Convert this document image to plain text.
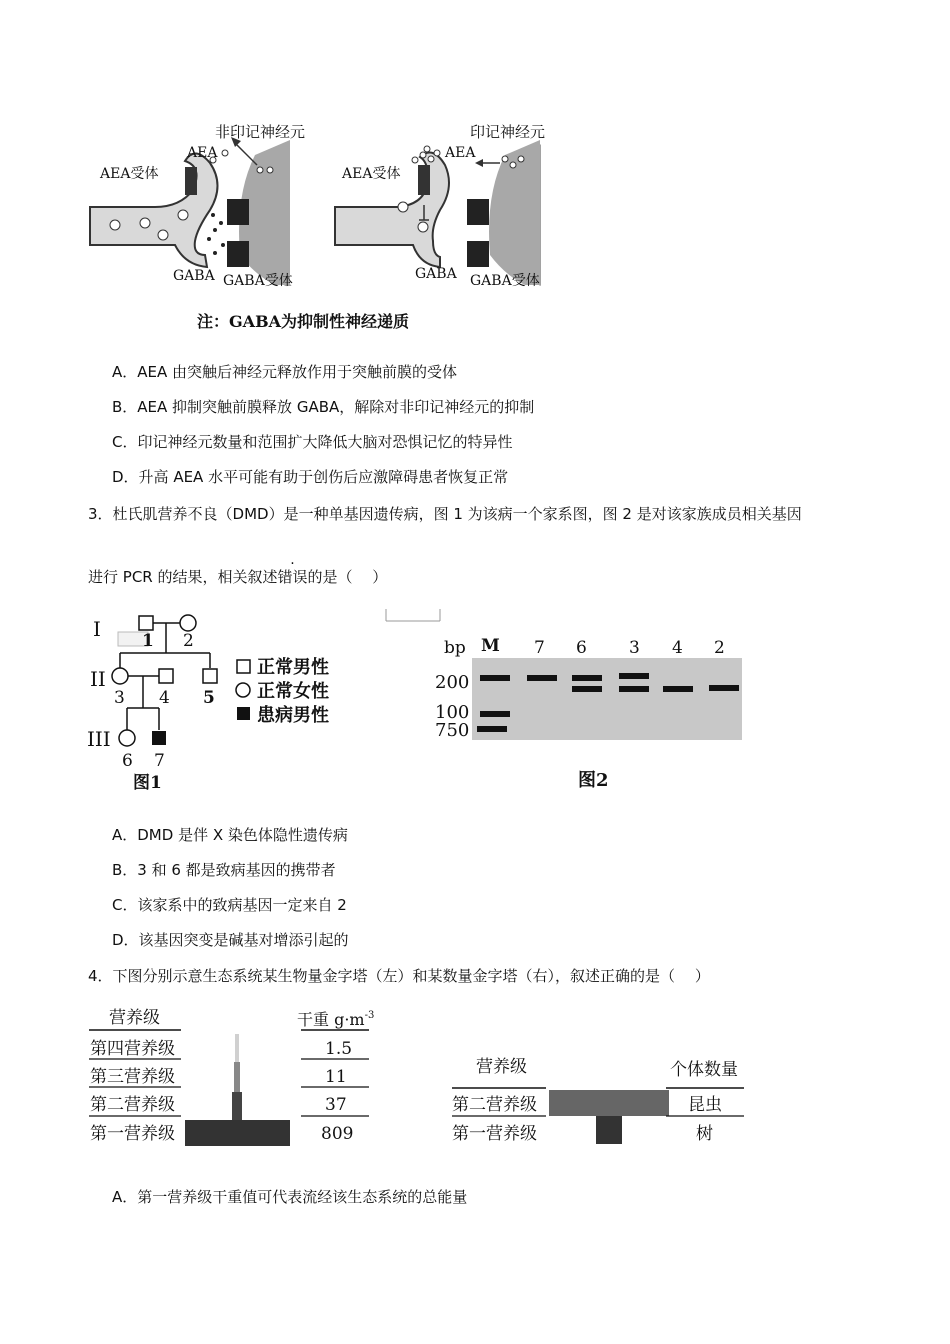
非印记神经元
AEA
AEA受体
GABA GABA受体
印记神经元
AEA
AEA受体
GABA GABA受体
注：GABA为抑制性神经递质
A．AEA 由突触后神经元释放作用于突触前膜的受体
B．AEA 抑制突触前膜释放 GABA，解除对非印记神经元的抑制
C．印记神经元数量和范围扩大降低大脑对恐惧记忆的特异性
D．升高 AEA 水平可能有助于创伤后应激障碍患者恢复正常
3．杜氏肌营养不良（DMD）是一种单基因遗传病，图 1 为该病一个家系图，图 2 是对该家族成员相关基因
进行 PCR 的结果，相关叙述错误的是（　 ）
I
II
III
1 2
3 4 5
6 7
图1
正常男性
正常女性
患病男性
bp M 7 6 3 4 2
200
100
750
图2
A．DMD 是伴 X 染色体隐性遗传病
B．3 和 6 都是致病基因的携带者
C．该家系中的致病基因一定来自 2
D．该基因突变是碱基对增添引起的
4．下图分别示意生态系统某生物量金字塔（左）和某数量金字塔（右），叙述正确的是（　 ）
营养级	干重 $g\cdot m^{-3}$
第四营养级
第三营养级
第二营养级
第一营养级
1.5
11
37
809
营养级	个体数量
第二营养级
第一营养级
昆虫
树
A．第一营养级干重值可代表流经该生态系统的总能量
